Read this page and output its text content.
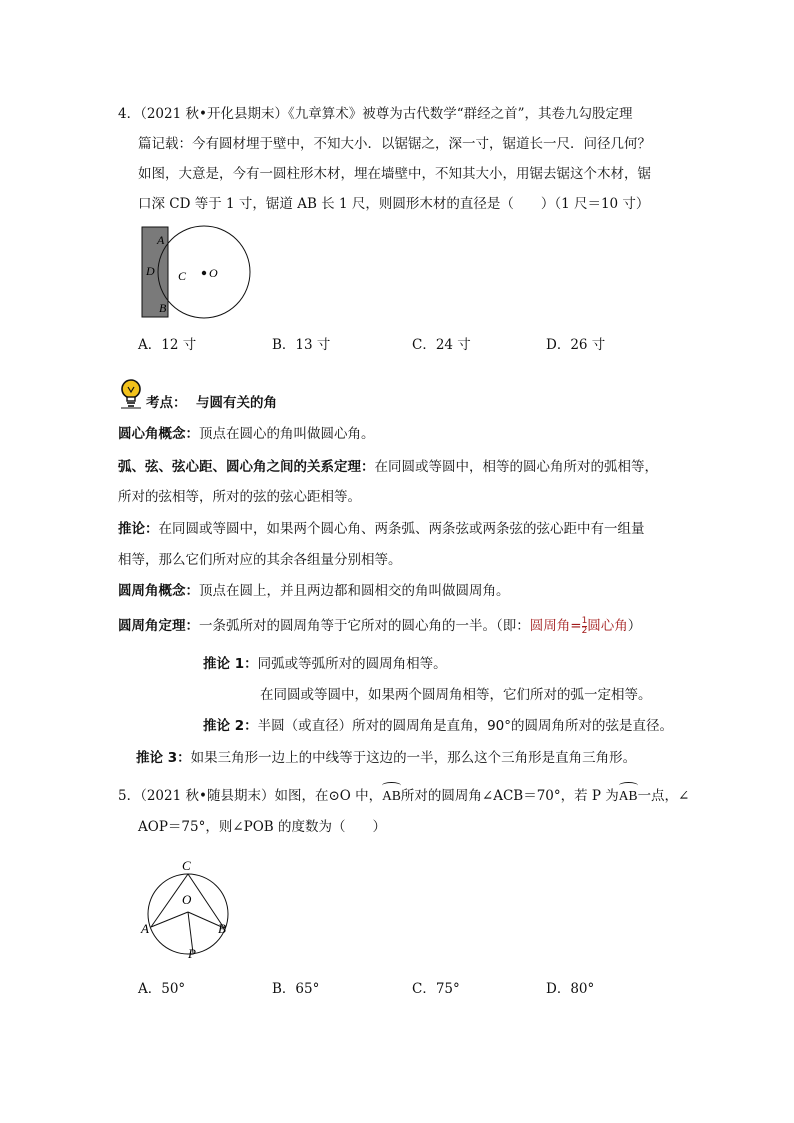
4．（2021 秋•开化县期末）《九章算术》被尊为古代数学“群经之首”，其卷九勾股定理
篇记载：今有圆材埋于壁中，不知大小．以锯锯之，深一寸，锯道长一尺．问径几何？
如图，大意是，今有一圆柱形木材，埋在墙壁中，不知其大小，用锯去锯这个木材，锯
口深 CD 等于 1 寸，锯道 AB 长 1 尺，则圆形木材的直径是（　　）（1 尺＝10 寸）
A
D C O
B
A．12 寸	B．13 寸	C．24 寸	D．26 寸
考点： 与圆有关的角
圆心角概念：顶点在圆心的角叫做圆心角。
弧、弦、弦心距、圆心角之间的关系定理：在同圆或等圆中，相等的圆心角所对的弧相等，
所对的弦相等，所对的弦的弦心距相等。
推论：在同圆或等圆中，如果两个圆心角、两条弧、两条弦或两条弦的弦心距中有一组量
相等，那么它们所对应的其余各组量分别相等。
圆周角概念：顶点在圆上，并且两边都和圆相交的角叫做圆周角。
圆周角定理：一条弧所对的圆周角等于它所对的圆心角的一半。（即：圆周角= $\frac{1}{2}$ 圆心角）
推论 1：同弧或等弧所对的圆周角相等。
在同圆或等圆中，如果两个圆周角相等，它们所对的弧一定相等。
推论 2：半圆（或直径）所对的圆周角是直角，90°的圆周角所对的弦是直径。
推论 3：如果三角形一边上的中线等于这边的一半，那么这个三角形是直角三角形。
5．（2021 秋•随县期末）如图，在⊙O 中，AB所对的圆周角∠ACB＝70°，若 P 为AB一点，∠
AOP＝75°，则∠POB 的度数为（　　）
C
O
A	B
P
A．50°	B．65°	C．75°	D．80°
